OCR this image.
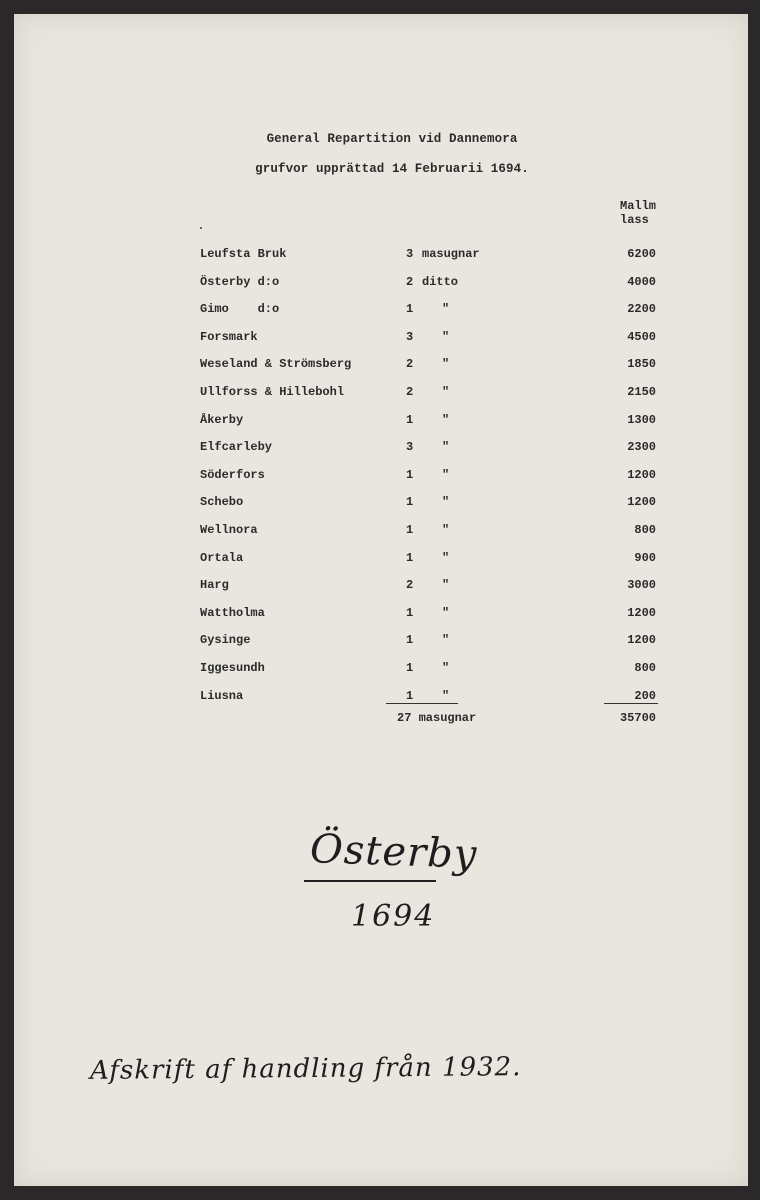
General Repartition vid Dannemora
grufvor upprättad 14 Februarii 1694.
Mallm
lass
Leufsta Bruk	3 masugnar	6200
Österby d:o	2 ditto	4000
Gimo    d:o	1	"	2200
Forsmark	3	"	4500
Weseland & Strömsberg	2	"	1850
Ullforss & Hillebohl	2	"	2150
Åkerby	1	"	1300
Elfcarleby	3	"	2300
Söderfors	1	"	1200
Schebo	1	"	1200
Wellnora	1	"	800
Ortala	1	"	900
Harg	2	"	3000
Wattholma	1	"	1200
Gysinge	1	"	1200
Iggesundh	1	"	800
Liusna	1	"	200
27 masugnar	35700
Österby
1694
Afskrift af handling från 1932.
